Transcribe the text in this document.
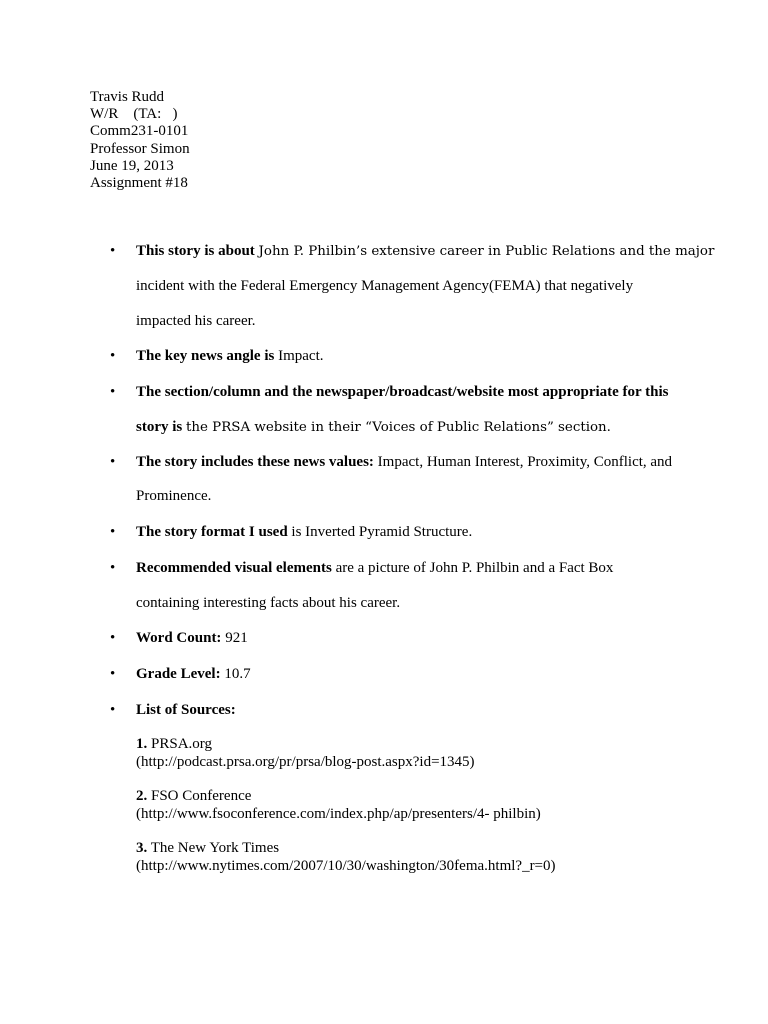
Travis Rudd
W/R    (TA:   )
Comm231-0101
Professor Simon
June 19, 2013
Assignment #18
•	This story is about John P. Philbin’s extensive career in Public Relations and the major
incident with the Federal Emergency Management Agency(FEMA) that negatively
impacted his career.
•	The key news angle is Impact.
•	The section/column and the newspaper/broadcast/website most appropriate for this
story is the PRSA website in their “Voices of Public Relations” section.
•	The story includes these news values: Impact, Human Interest, Proximity, Conflict, and
Prominence.
•	The story format I used is Inverted Pyramid Structure.
•	Recommended visual elements are a picture of John P. Philbin and a Fact Box
containing interesting facts about his career.
•	Word Count: 921
•	Grade Level: 10.7
•	List of Sources:
1. PRSA.org
(http://podcast.prsa.org/pr/prsa/blog-post.aspx?id=1345)
2. FSO Conference
(http://www.fsoconference.com/index.php/ap/presenters/4- philbin)
3. The New York Times
(http://www.nytimes.com/2007/10/30/washington/30fema.html?_r=0)
